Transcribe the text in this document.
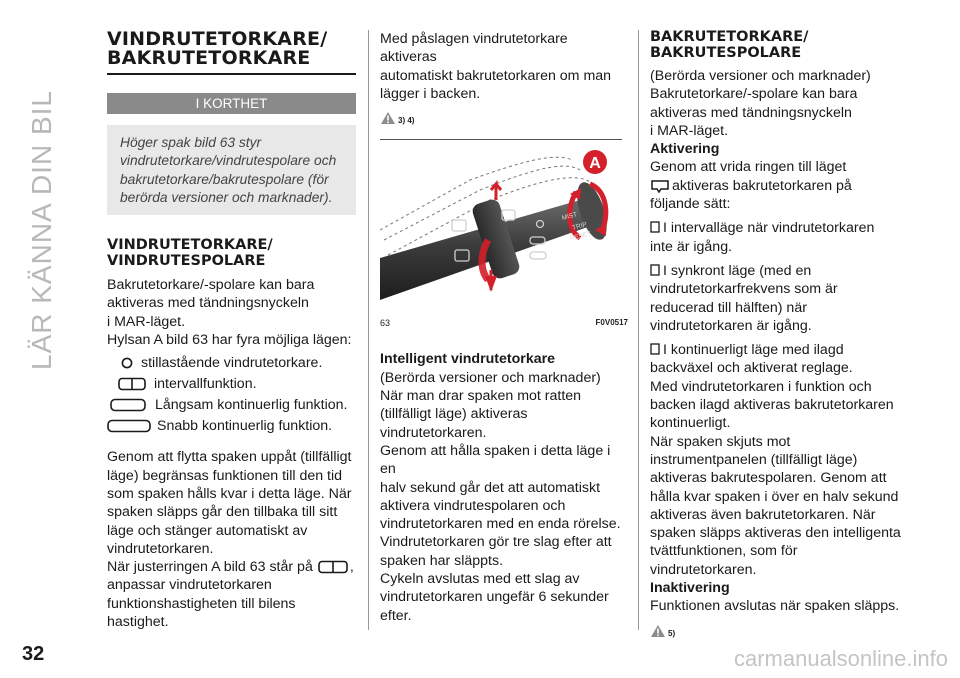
LÄR KÄNNA DIN BIL
32	carmanualsonline.info

VINDRUTETORKARE/

BAKRUTETORKARE

I KORTHET

Höger spak bild 63 styr

vindrutetorkare/vindrutespolare och

bakrutetorkare/bakrutespolare (för

berörda versioner och marknader).

VINDRUTETORKARE/

VINDRUTESPOLARE

Bakrutetorkare/-spolare kan bara

aktiveras med tändningsnyckeln

i MAR-läget.

Hylsan A bild 63 har fyra möjliga lägen:

stillastående vindrutetorkare.
intervallfunktion.
Långsam kontinuerlig funktion.
Snabb kontinuerlig funktion.

Genom att flytta spaken uppåt (tillfälligt

läge) begränsas funktionen till den tid

som spaken hålls kvar i detta läge. När

spaken släpps går den tillbaka till sitt

läge och stänger automatiskt av

vindrutetorkaren.

När justerringen A bild 63 står på	,

anpassar vindrutetorkaren

funktionshastigheten till bilens

hastighet.

Med påslagen vindrutetorkare aktiveras

automatiskt bakrutetorkaren om man

lägger i backen.

3) 4)
A
MIST
TRIP
RESET
63	F0V0517

Intelligent vindrutetorkare

(Berörda versioner och marknader)

När man drar spaken mot ratten

(tillfälligt läge) aktiveras

vindrutetorkaren.

Genom att hålla spaken i detta läge i en

halv sekund går det att automatiskt

aktivera vindrutespolaren och

vindrutetorkaren med en enda rörelse.

Vindrutetorkaren gör tre slag efter att

spaken har släppts.

Cykeln avslutas med ett slag av

vindrutetorkaren ungefär 6 sekunder

efter.

BAKRUTETORKARE/

BAKRUTESPOLARE

(Berörda versioner och marknader)

Bakrutetorkare/-spolare kan bara

aktiveras med tändningsnyckeln

i MAR-läget.

Aktivering

Genom att vrida ringen till läget

aktiveras bakrutetorkaren på

följande sätt:

I intervalläge när vindrutetorkaren

inte är igång.

I synkront läge (med en

vindrutetorkarfrekvens som är

reducerad till hälften) när

vindrutetorkaren är igång.

I kontinuerligt läge med ilagd

backväxel och aktiverat reglage.

Med vindrutetorkaren i funktion och

backen ilagd aktiveras bakrutetorkaren

kontinuerligt.

När spaken skjuts mot

instrumentpanelen (tillfälligt läge)

aktiveras bakrutespolaren. Genom att

hålla kvar spaken i över en halv sekund

aktiveras även bakrutetorkaren. När

spaken släpps aktiveras den intelligenta

tvättfunktionen, som för

vindrutetorkaren.

Inaktivering

Funktionen avslutas när spaken släpps.

5)
